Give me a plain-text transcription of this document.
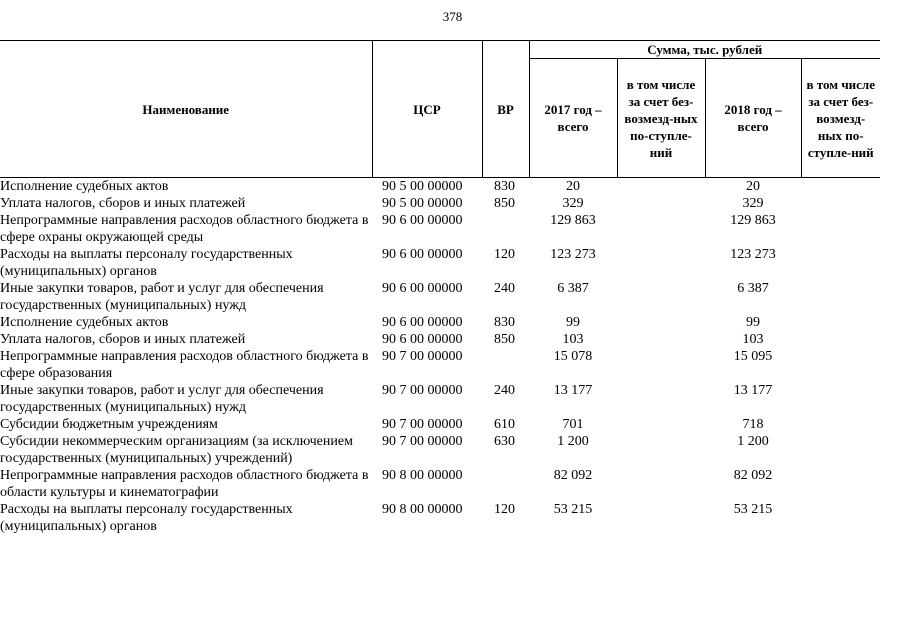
378
Наименование	ЦСР	ВР	Сумма, тыс. рублей			
			2017 год – всего	в том числе за счет без-возмезд-ных по-ступле-ний	2018 год – всего	в том числе за счет без-возмезд-ных по-ступле-ний
Исполнение судебных актов	90 5 00 00000	830	20		20	
Уплата налогов, сборов и иных платежей	90 5 00 00000	850	329		329	
Непрограммные направления расходов областного бюджета в сфере охраны окружающей среды	90 6 00 00000		129 863		129 863	
Расходы на выплаты персоналу государственных (муниципальных) органов	90 6 00 00000	120	123 273		123 273	
Иные закупки товаров, работ и услуг для обеспечения государственных (муниципальных) нужд	90 6 00 00000	240	6 387		6 387	
Исполнение судебных актов	90 6 00 00000	830	99		99	
Уплата налогов, сборов и иных платежей	90 6 00 00000	850	103		103	
Непрограммные направления расходов областного бюджета в сфере образования	90 7 00 00000		15 078		15 095	
Иные закупки товаров, работ и услуг для обеспечения государственных (муниципальных) нужд	90 7 00 00000	240	13 177		13 177	
Субсидии бюджетным учреждениям	90 7 00 00000	610	701		718	
Субсидии некоммерческим организациям (за исключением государственных (муниципальных) учреждений)	90 7 00 00000	630	1 200		1 200	
Непрограммные направления расходов областного бюджета в области культуры и кинематографии	90 8 00 00000		82 092		82 092	
Расходы на выплаты персоналу государственных (муниципальных) органов	90 8 00 00000	120	53 215		53 215	
